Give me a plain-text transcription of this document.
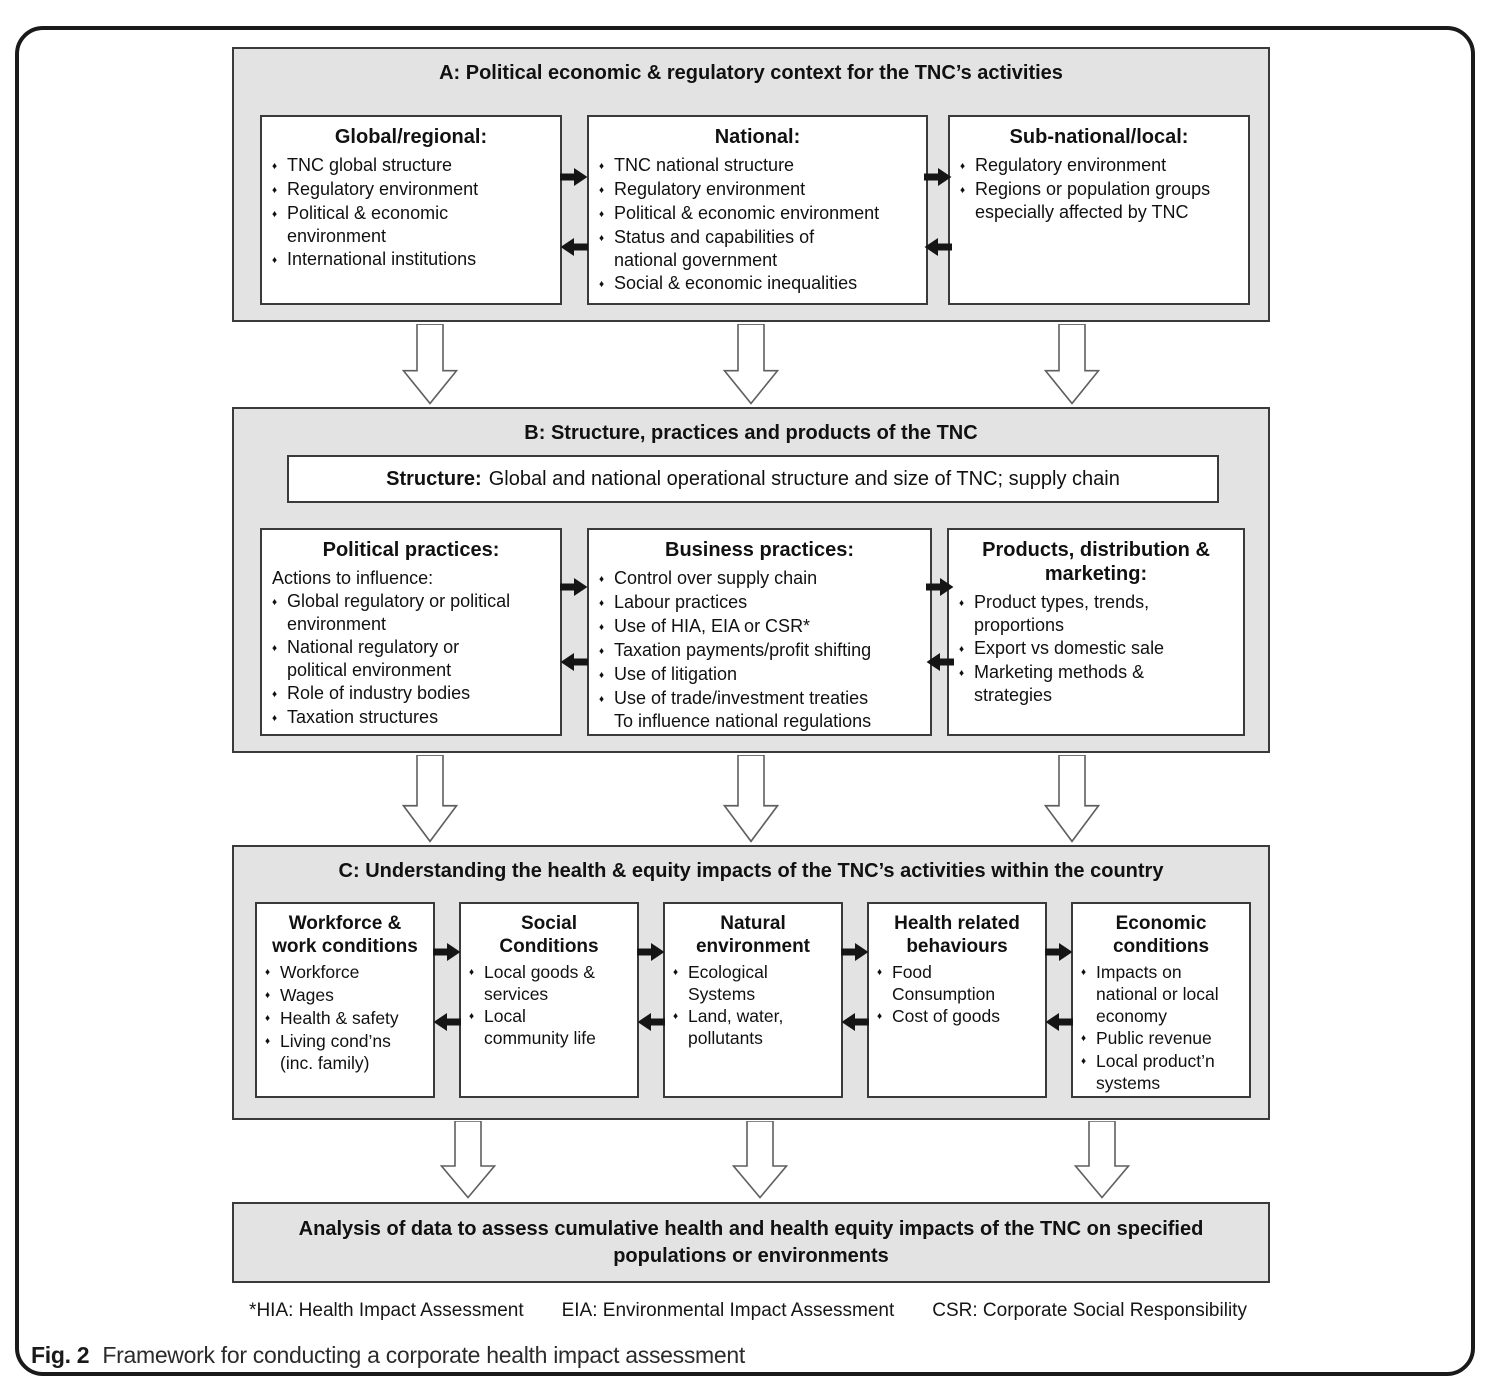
A: Political economic & regulatory context for the TNC’s activities
Global/regional:
♦ TNC global structure
♦ Regulatory environment
♦ Political & economic
environment
♦ International institutions
National:
♦ TNC national structure
♦ Regulatory environment
♦ Political & economic environment
♦ Status and capabilities of
national government
♦ Social & economic inequalities
Sub-national/local:
♦ Regulatory environment
♦ Regions or population groups
especially affected by TNC
B: Structure, practices and products of the TNC
Structure: Global and national operational structure and size of TNC; supply chain
Political practices:
Actions to influence:
♦ Global regulatory or political
environment
♦ National regulatory or
political environment
♦ Role of industry bodies
♦ Taxation structures
Business practices:
♦ Control over supply chain
♦ Labour practices
♦ Use of HIA, EIA or CSR*
♦ Taxation payments/profit shifting
♦ Use of litigation
♦ Use of trade/investment treaties
To influence national regulations
Products, distribution &
marketing:
♦ Product types, trends,
proportions
♦ Export vs domestic sale
♦ Marketing methods &
strategies
C: Understanding the health & equity impacts of the TNC’s activities within the country
Workforce &
work conditions
♦ Workforce
♦ Wages
♦ Health & safety
♦ Living cond’ns
(inc. family)
Social
Conditions
♦ Local goods &
services
♦ Local
community life
Natural
environment
♦ Ecological
Systems
♦ Land, water,
pollutants
Health related
behaviours
♦ Food
Consumption
♦ Cost of goods
Economic
conditions
♦ Impacts on
national or local
economy
♦ Public revenue
♦ Local product’n
systems
Analysis of data to assess cumulative health and health equity impacts of the TNC on specified
populations or environments
*HIA: Health Impact Assessment EIA: Environmental Impact Assessment CSR: Corporate Social Responsibility
Fig. 2 Framework for conducting a corporate health impact assessment
